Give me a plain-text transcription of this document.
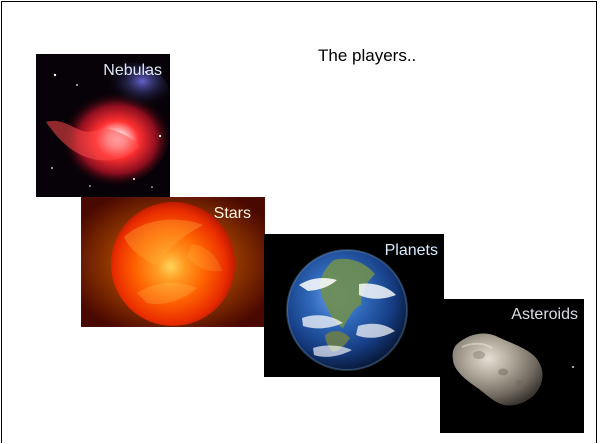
The players..
Nebulas
Stars
Planets
Asteroids
